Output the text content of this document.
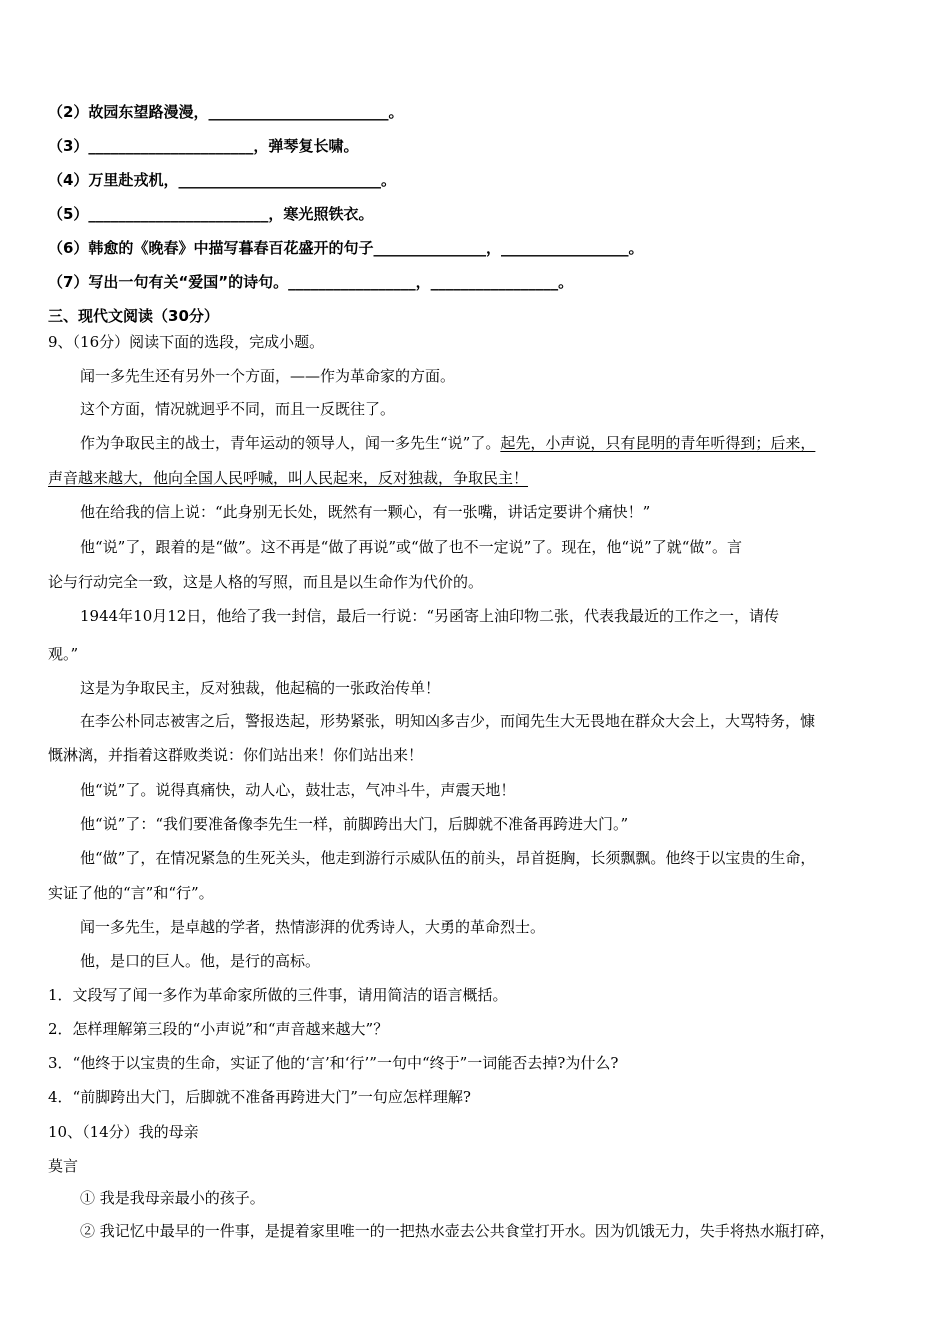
（2）故园东望路漫漫，________________________。
（3）______________________，弹琴复长啸。
（4）万里赴戎机，___________________________。
（5）________________________，寒光照铁衣。
（6）韩愈的《晚春》中描写暮春百花盛开的句子_______________，_________________。
（7）写出一句有关“爱国”的诗句。_________________，_________________。
三、现代文阅读（30分）
9、（16分）阅读下面的选段，完成小题。
闻一多先生还有另外一个方面，——作为革命家的方面。
这个方面，情况就迥乎不同，而且一反既往了。
作为争取民主的战士，青年运动的领导人，闻一多先生“说”了。起先，小声说，只有昆明的青年听得到；后来，
声音越来越大，他向全国人民呼喊，叫人民起来，反对独裁，争取民主！
他在给我的信上说：“此身别无长处，既然有一颗心，有一张嘴，讲话定要讲个痛快！”
他“说”了，跟着的是“做”。这不再是“做了再说”或“做了也不一定说”了。现在，他“说”了就“做”。言
论与行动完全一致，这是人格的写照，而且是以生命作为代价的。
1944年10月12日，他给了我一封信，最后一行说：“另函寄上油印物二张，代表我最近的工作之一，请传
观。”
这是为争取民主，反对独裁，他起稿的一张政治传单！
在李公朴同志被害之后，警报迭起，形势紧张，明知凶多吉少，而闻先生大无畏地在群众大会上，大骂特务，慷
慨淋漓，并指着这群败类说：你们站出来！你们站出来！
他“说”了。说得真痛快，动人心，鼓壮志，气冲斗牛，声震天地！
他“说”了：“我们要准备像李先生一样，前脚跨出大门，后脚就不准备再跨进大门。”
他“做”了，在情况紧急的生死关头，他走到游行示威队伍的前头，昂首挺胸，长须飘飘。他终于以宝贵的生命，
实证了他的“言”和“行”。
闻一多先生，是卓越的学者，热情澎湃的优秀诗人，大勇的革命烈士。
他，是口的巨人。他，是行的高标。
1．文段写了闻一多作为革命家所做的三件事，请用简洁的语言概括。
2．怎样理解第三段的“小声说”和“声音越来越大”？
3．“他终于以宝贵的生命，实证了他的‘言’和‘行’”一句中“终于”一词能否去掉?为什么?
4．“前脚跨出大门，后脚就不准备再跨进大门”一句应怎样理解?
10、（14分）我的母亲
莫言
① 我是我母亲最小的孩子。
② 我记忆中最早的一件事，是提着家里唯一的一把热水壶去公共食堂打开水。因为饥饿无力，失手将热水瓶打碎，
